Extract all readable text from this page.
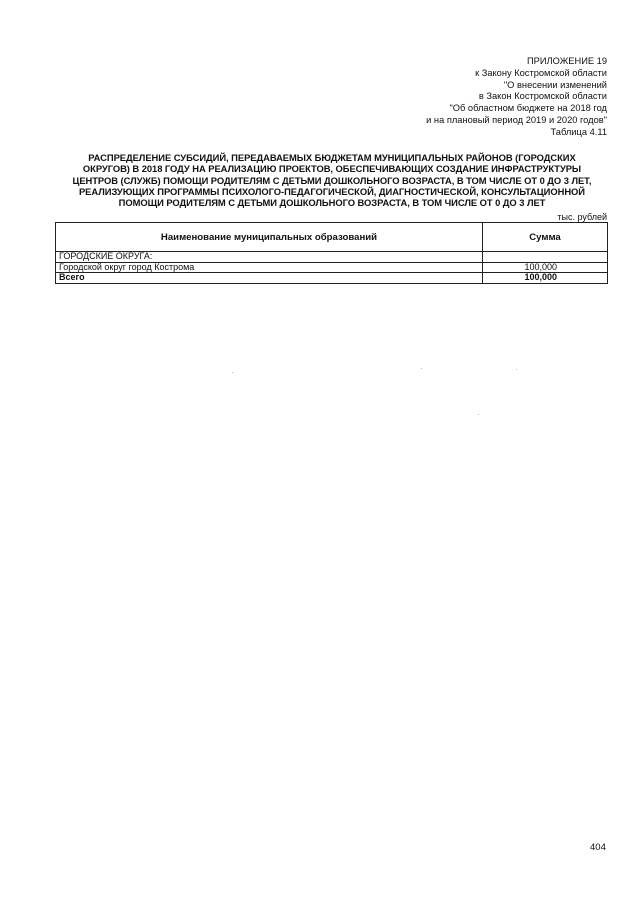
ПРИЛОЖЕНИЕ 19
к Закону Костромской области
"О внесении изменений
в Закон Костромской области
"Об областном бюджете на 2018 год
и на плановый период 2019 и 2020 годов"
Таблица 4.11
РАСПРЕДЕЛЕНИЕ СУБСИДИЙ, ПЕРЕДАВАЕМЫХ БЮДЖЕТАМ МУНИЦИПАЛЬНЫХ РАЙОНОВ (ГОРОДСКИХ
ОКРУГОВ) В 2018 ГОДУ НА РЕАЛИЗАЦИЮ ПРОЕКТОВ, ОБЕСПЕЧИВАЮЩИХ СОЗДАНИЕ ИНФРАСТРУКТУРЫ
ЦЕНТРОВ (СЛУЖБ) ПОМОЩИ РОДИТЕЛЯМ С ДЕТЬМИ ДОШКОЛЬНОГО ВОЗРАСТА, В ТОМ ЧИСЛЕ ОТ 0 ДО 3 ЛЕТ,
РЕАЛИЗУЮЩИХ ПРОГРАММЫ ПСИХОЛОГО-ПЕДАГОГИЧЕСКОЙ, ДИАГНОСТИЧЕСКОЙ, КОНСУЛЬТАЦИОННОЙ
ПОМОЩИ РОДИТЕЛЯМ С ДЕТЬМИ ДОШКОЛЬНОГО ВОЗРАСТА, В ТОМ ЧИСЛЕ ОТ 0 ДО 3 ЛЕТ
тыс. рублей
Наименование муниципальных образований	Сумма
ГОРОДСКИЕ ОКРУГА:	
Городской округ город Кострома	100,000
Всего	100,000
404
